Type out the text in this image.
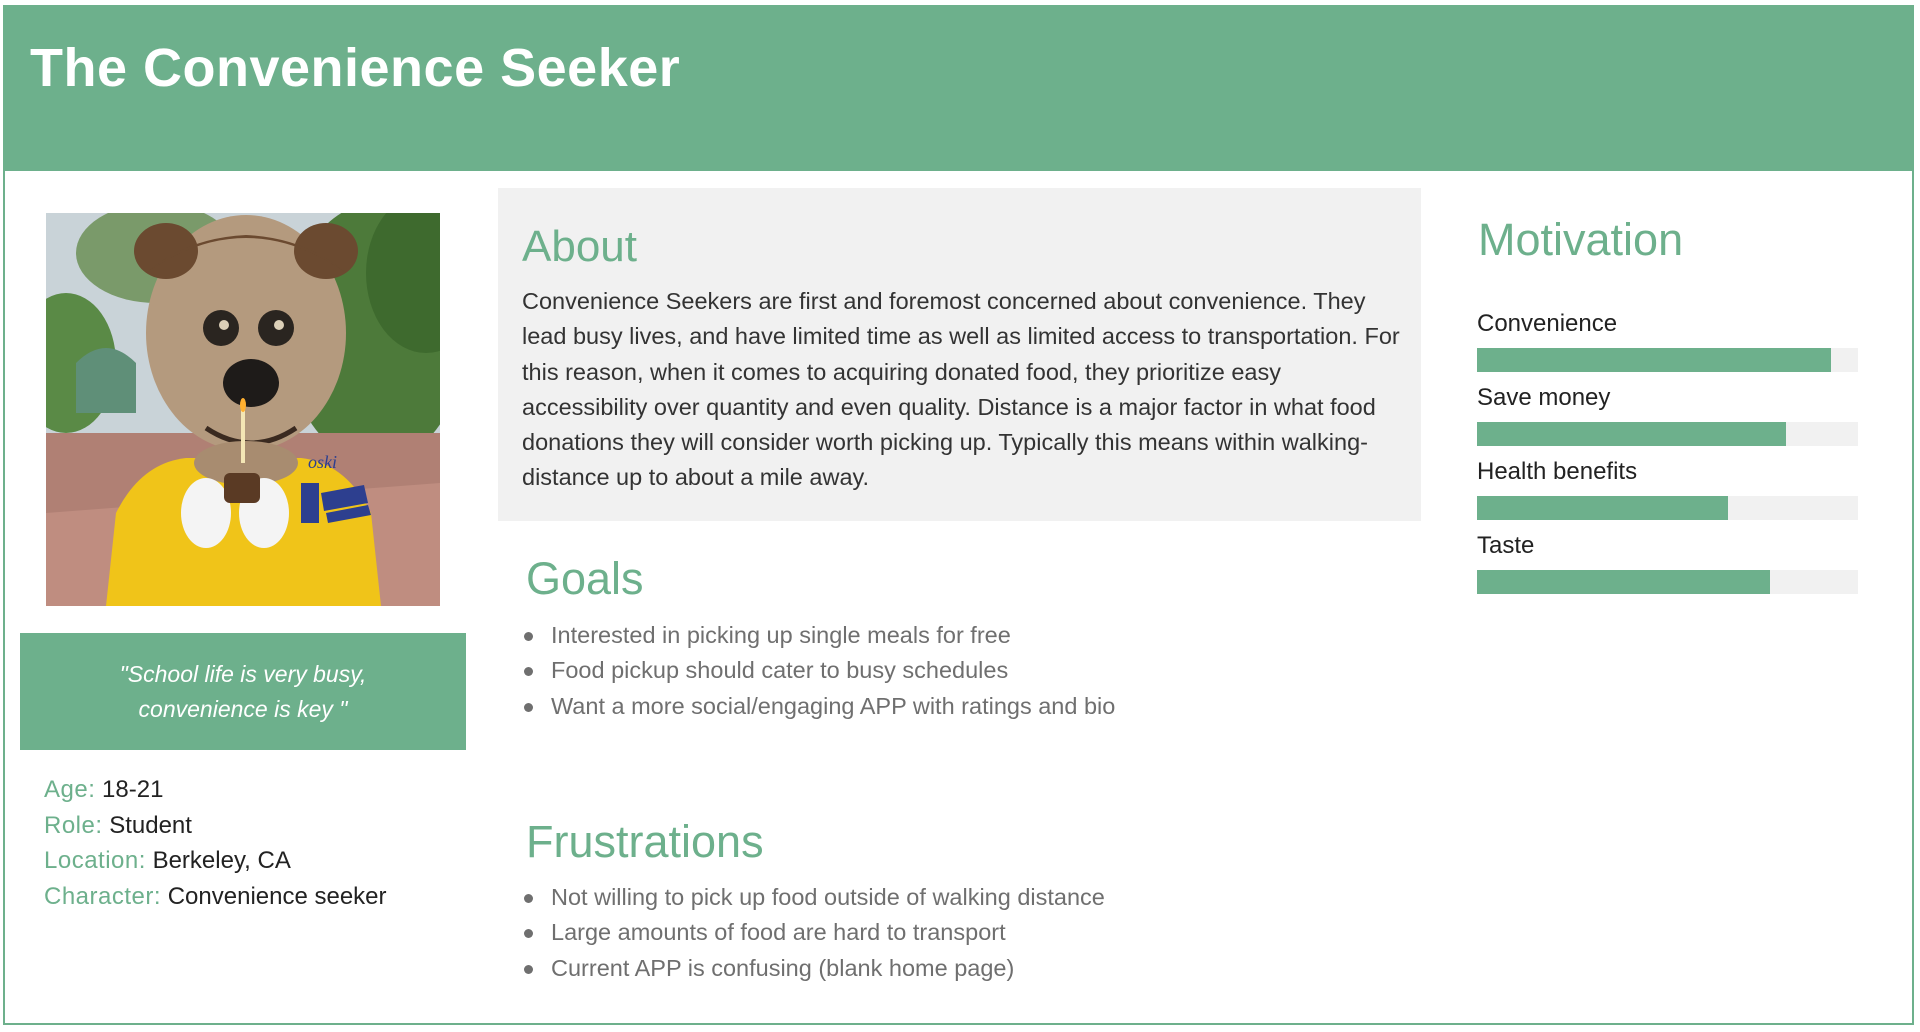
The Convenience Seeker
oski
"School life is very busy, convenience is key "
Age: 18-21
Role: Student
Location: Berkeley, CA
Character: Convenience seeker
About

Convenience Seekers are first and foremost concerned about convenience. They lead busy lives, and have limited time as well as limited access to transportation. For this reason, when it comes to acquiring donated food, they prioritize easy accessibility over quantity and even quality. Distance is a major factor in what food donations they will consider worth picking up. Typically this means within walking-distance up to about a mile away.

Goals
Interested in picking up single meals for free
Food pickup should cater to busy schedules
Want a more social/engaging APP with ratings and bio
Frustrations
Not willing to pick up food outside of walking distance
Large amounts of food are hard to transport
Current APP is confusing (blank home page)
Motivation
Convenience
Save money
Health benefits
Taste
